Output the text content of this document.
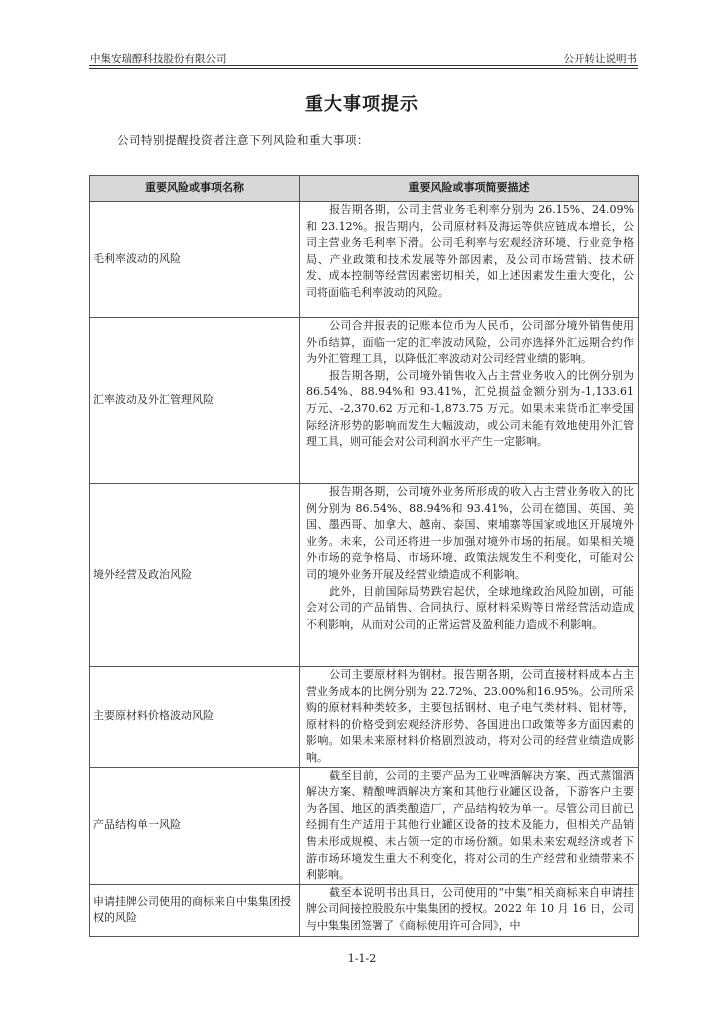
中集安瑞醇科技股份有限公司	公开转让说明书
重大事项提示
公司特别提醒投资者注意下列风险和重大事项：
重要风险或事项名称	重要风险或事项简要描述
毛利率波动的风险	报告期各期，公司主营业务毛利率分别为 26.15%、24.09%和 23.12%。报告期内，公司原材料及海运等供应链成本增长，公司主营业务毛利率下滑。公司毛利率与宏观经济环境、行业竞争格局、产业政策和技术发展等外部因素，及公司市场营销、技术研发、成本控制等经营因素密切相关，如上述因素发生重大变化，公司将面临毛利率波动的风险。

汇率波动及外汇管理风险	公司合并报表的记账本位币为人民币，公司部分境外销售使用外币结算，面临一定的汇率波动风险，公司亦选择外汇远期合约作为外汇管理工具，以降低汇率波动对公司经营业绩的影响。

报告期各期，公司境外销售收入占主营业务收入的比例分别为 86.54%、88.94%和 93.41%，汇兑损益金额分别为-1,133.61 万元、-2,370.62 万元和-1,873.75 万元。如果未来货币汇率受国际经济形势的影响而发生大幅波动，或公司未能有效地使用外汇管理工具，则可能会对公司利润水平产生一定影响。

境外经营及政治风险	报告期各期，公司境外业务所形成的收入占主营业务收入的比例分别为 86.54%、88.94%和 93.41%，公司在德国、英国、美国、墨西哥、加拿大、越南、泰国、柬埔寨等国家或地区开展境外业务。未来，公司还将进一步加强对境外市场的拓展。如果相关境外市场的竞争格局、市场环境、政策法规发生不利变化，可能对公司的境外业务开展及经营业绩造成不利影响。

此外，目前国际局势跌宕起伏，全球地缘政治风险加剧，可能会对公司的产品销售、合同执行、原材料采购等日常经营活动造成不利影响，从而对公司的正常运营及盈利能力造成不利影响。

主要原材料价格波动风险	公司主要原材料为钢材。报告期各期，公司直接材料成本占主营业务成本的比例分别为 22.72%、23.00%和16.95%。公司所采购的原材料种类较多，主要包括钢材、电子电气类材料、铝材等，原材料的价格受到宏观经济形势、各国进出口政策等多方面因素的影响。如果未来原材料价格剧烈波动，将对公司的经营业绩造成影响。

产品结构单一风险	截至目前，公司的主要产品为工业啤酒解决方案、西式蒸馏酒解决方案、精酿啤酒解决方案和其他行业罐区设备，下游客户主要为各国、地区的酒类酿造厂，产品结构较为单一。尽管公司目前已经拥有生产适用于其他行业罐区设备的技术及能力，但相关产品销售未形成规模、未占领一定的市场份额。如果未来宏观经济或者下游市场环境发生重大不利变化，将对公司的生产经营和业绩带来不利影响。

申请挂牌公司使用的商标来自中集集团授权的风险	截至本说明书出具日，公司使用的“中集”相关商标来自申请挂牌公司间接控股股东中集集团的授权。2022 年 10 月 16 日，公司与中集集团签署了《商标使用许可合同》，中

1-1-2
